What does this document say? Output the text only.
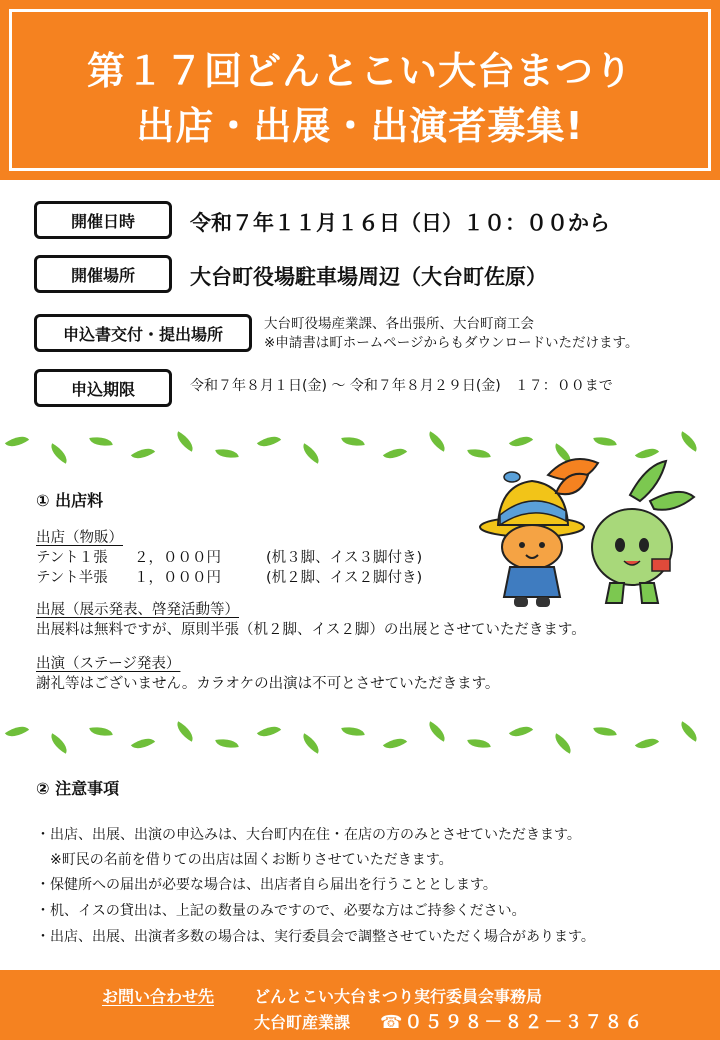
第１７回どんとこい大台まつり
出店・出展・出演者募集!
開催日時	令和７年１１月１６日（日）１０：００から
開催場所	大台町役場駐車場周辺（大台町佐原）
申込書交付・提出場所
大台町役場産業課、各出張所、大台町商工会
※申請書は町ホームページからもダウンロードいただけます。
申込期限	令和７年８月１日(金) 〜 令和７年８月２９日(金)　１７：００まで
① 出店料
出店（物販）
テント１張 ２，０００円	(机３脚、イス３脚付き)
テント半張 １，０００円	(机２脚、イス２脚付き)
出展（展示発表、啓発活動等）
出展料は無料ですが、原則半張（机２脚、イス２脚）の出展とさせていただきます。
出演（ステージ発表）
謝礼等はございません。カラオケの出演は不可とさせていただきます。
② 注意事項
・出店、出展、出演の申込みは、大台町内在住・在店の方のみとさせていただきます。
　※町民の名前を借りての出店は固くお断りさせていただきます。
・保健所への届出が必要な場合は、出店者自ら届出を行うこととします。
・机、イスの貸出は、上記の数量のみですので、必要な方はご持参ください。
・出店、出展、出演者多数の場合は、実行委員会で調整させていただく場合があります。
お問い合わせ先 どんとこい大台まつり実行委員会事務局
大台町産業課 ☎０５９８－８２－３７８６
